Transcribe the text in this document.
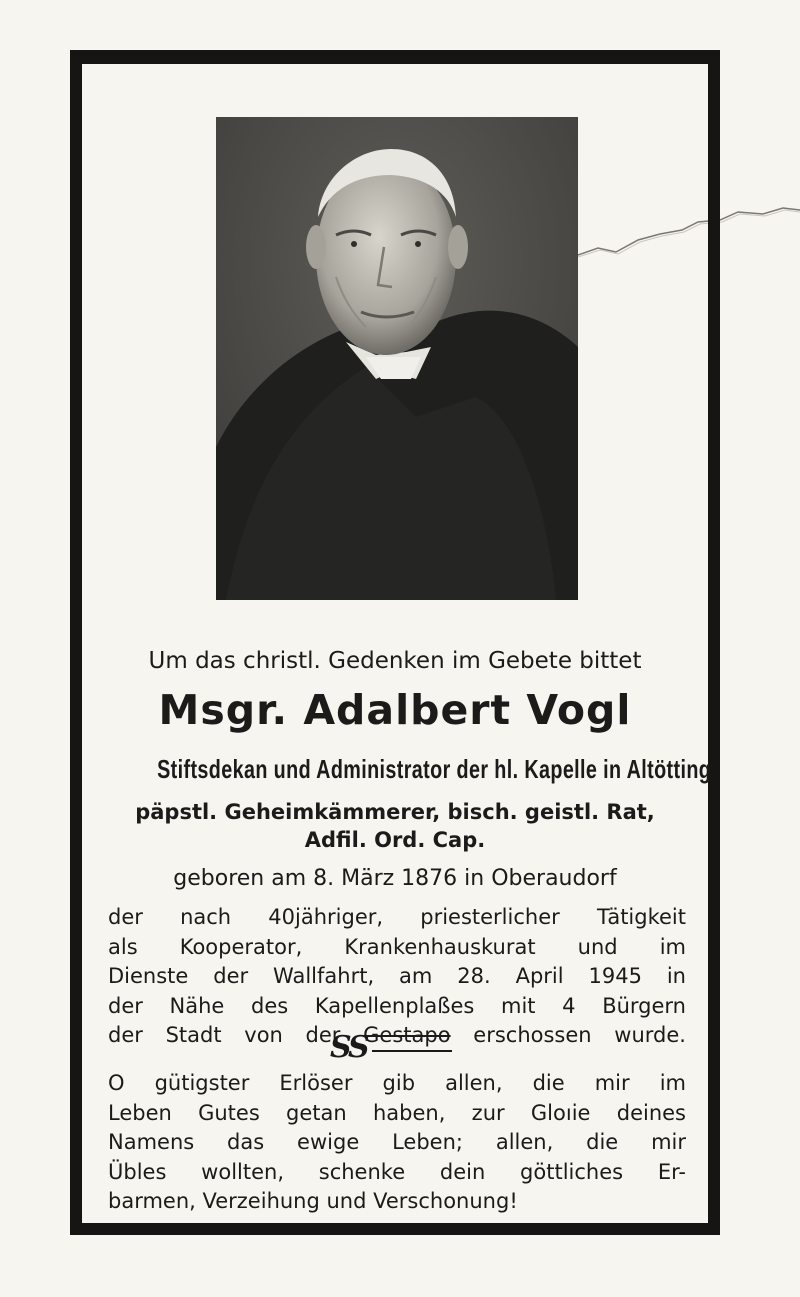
Um das christl. Gedenken im Gebete bittet
Msgr. Adalbert Vogl
Stiftsdekan und Administrator der hl. Kapelle in Altötting
päpstl. Geheimkämmerer, bisch. geistl. Rat,
Adfil. Ord. Cap.
geboren am 8. März 1876 in Oberaudorf
der nach 40jähriger, priesterlicher Tätigkeit
als Kooperator, Krankenhauskurat und im
Dienste der Wallfahrt, am 28. April 1945 in
der Nähe des Kapellenplaßes mit 4 Bürgern
der Stadt von der Gestapo erschossen wurde.
SS
O gütigster Erlöser gib allen, die mir im
Leben Gutes getan haben, zur Gloıie deines
Namens das ewige Leben; allen, die mir
Übles wollten, schenke dein göttliches Er-
barmen, Verzeihung und Verschonung!
